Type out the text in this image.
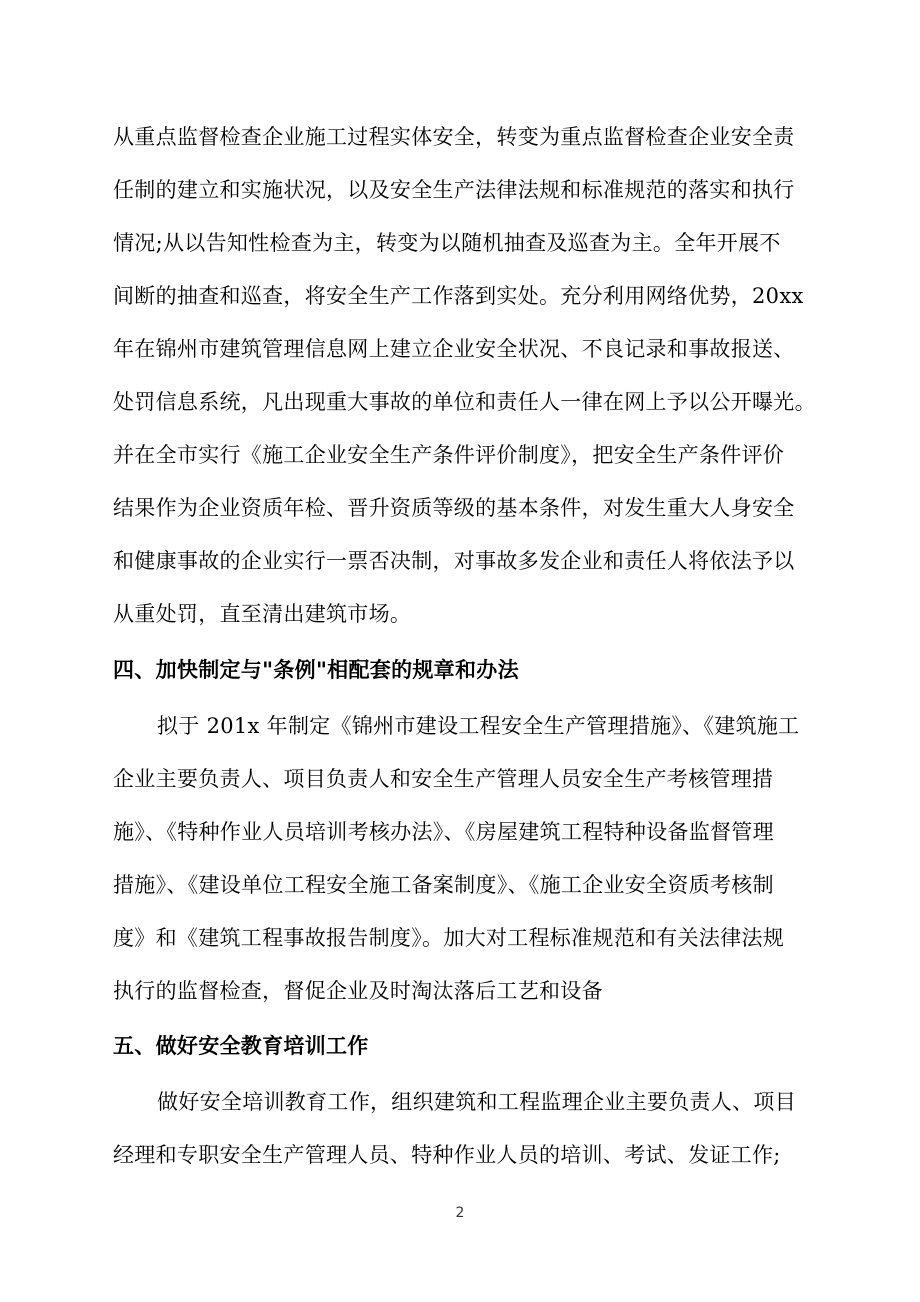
从重点监督检查企业施工过程实体安全，转变为重点监督检查企业安全责
任制的建立和实施状况，以及安全生产法律法规和标准规范的落实和执行
情况;从以告知性检查为主，转变为以随机抽查及巡查为主。全年开展不
间断的抽查和巡查，将安全生产工作落到实处。充分利用网络优势，20xx
年在锦州市建筑管理信息网上建立企业安全状况、不良记录和事故报送、
处罚信息系统，凡出现重大事故的单位和责任人一律在网上予以公开曝光。
并在全市实行《施工企业安全生产条件评价制度》，把安全生产条件评价
结果作为企业资质年检、晋升资质等级的基本条件，对发生重大人身安全
和健康事故的企业实行一票否决制，对事故多发企业和责任人将依法予以
从重处罚，直至清出建筑市场。
四、加快制定与"条例"相配套的规章和办法
拟于 201x 年制定《锦州市建设工程安全生产管理措施》、《建筑施工
企业主要负责人、项目负责人和安全生产管理人员安全生产考核管理措
施》、《特种作业人员培训考核办法》、《房屋建筑工程特种设备监督管理
措施》、《建设单位工程安全施工备案制度》、《施工企业安全资质考核制
度》和《建筑工程事故报告制度》。加大对工程标准规范和有关法律法规
执行的监督检查，督促企业及时淘汰落后工艺和设备
五、做好安全教育培训工作
做好安全培训教育工作，组织建筑和工程监理企业主要负责人、项目
经理和专职安全生产管理人员、特种作业人员的培训、考试、发证工作;
2
